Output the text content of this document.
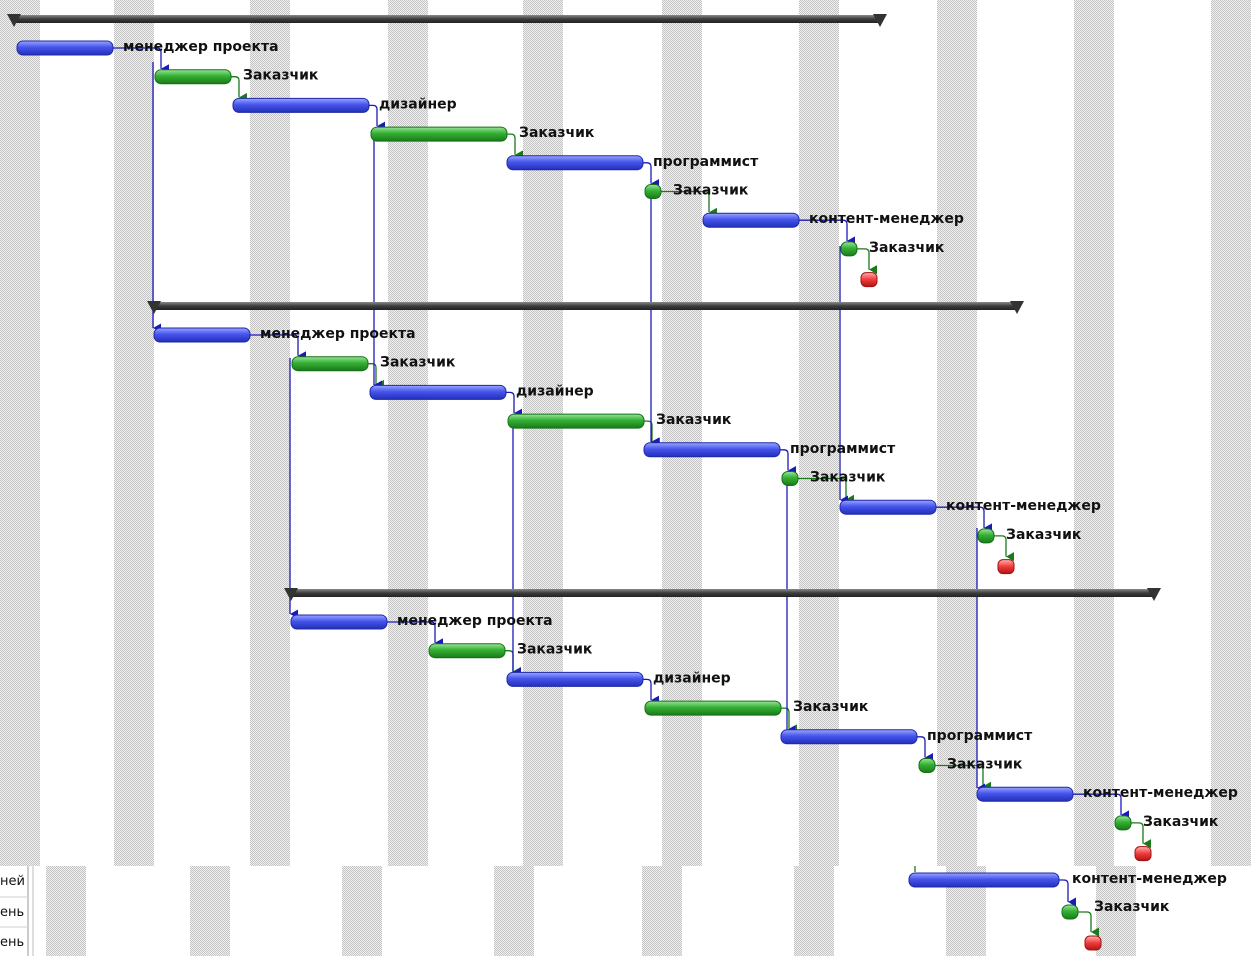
ней
ень
ень
менеджер проекта
Заказчик
дизайнер
Заказчик
программист
Заказчик
контент-менеджер
Заказчик
менеджер проекта
Заказчик
дизайнер
Заказчик
программист
Заказчик
контент-менеджер
Заказчик
менеджер проекта
Заказчик
дизайнер
Заказчик
программист
Заказчик
контент-менеджер
Заказчик
контент-менеджер
Заказчик
